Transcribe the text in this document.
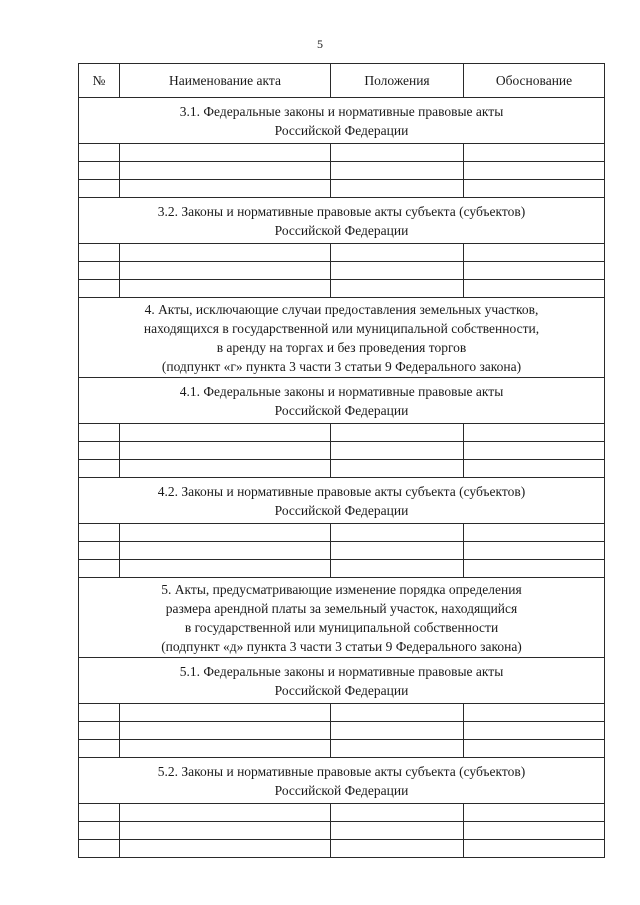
5
№	Наименование акта	Положения	Обоснование

3.1. Федеральные законы и нормативные правовые акты
Российской Федерации			

3.2. Законы и нормативные правовые акты субъекта (субъектов)
Российской Федерации			

4. Акты, исключающие случаи предоставления земельных участков,
находящихся в государственной или муниципальной собственности,
в аренду на торгах и без проведения торгов
(подпункт «г» пункта 3 части 3 статьи 9 Федерального закона)			

4.1. Федеральные законы и нормативные правовые акты
Российской Федерации			

4.2. Законы и нормативные правовые акты субъекта (субъектов)
Российской Федерации			

5. Акты, предусматривающие изменение порядка определения
размера арендной платы за земельный участок, находящийся
в государственной или муниципальной собственности
(подпункт «д» пункта 3 части 3 статьи 9 Федерального закона)			

5.1. Федеральные законы и нормативные правовые акты
Российской Федерации			

5.2. Законы и нормативные правовые акты субъекта (субъектов)
Российской Федерации			
